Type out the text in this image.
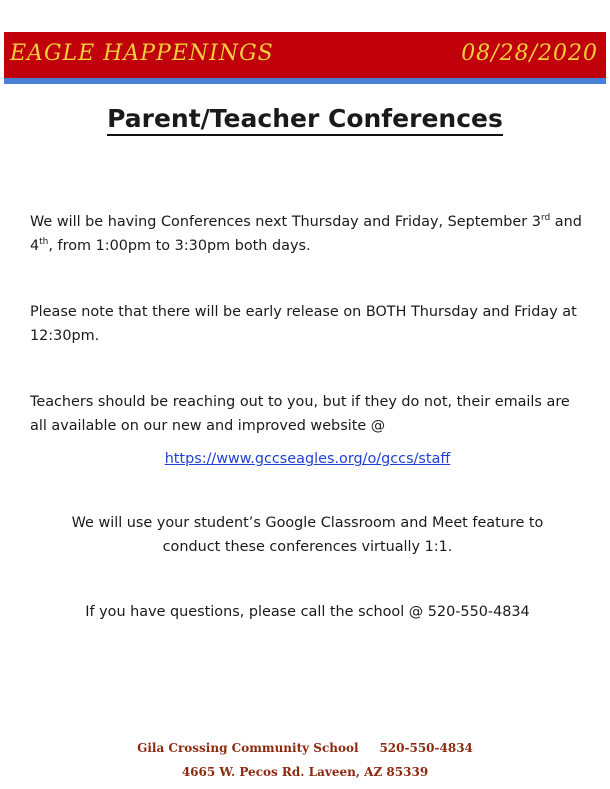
EAGLE HAPPENINGS	08/28/2020
Parent/Teacher Conferences
We will be having Conferences next Thursday and Friday, September 3rd and 4th, from 1:00pm to 3:30pm both days.
Please note that there will be early release on BOTH Thursday and Friday at 12:30pm.
Teachers should be reaching out to you, but if they do not, their emails are all available on our new and improved website @
https://www.gccseagles.org/o/gccs/staff
We will use your student’s Google Classroom and Meet feature to conduct these conferences virtually 1:1.
If you have questions, please call the school @ 520-550-4834
Gila Crossing Community School 520-550-4834
4665 W. Pecos Rd. Laveen, AZ 85339
